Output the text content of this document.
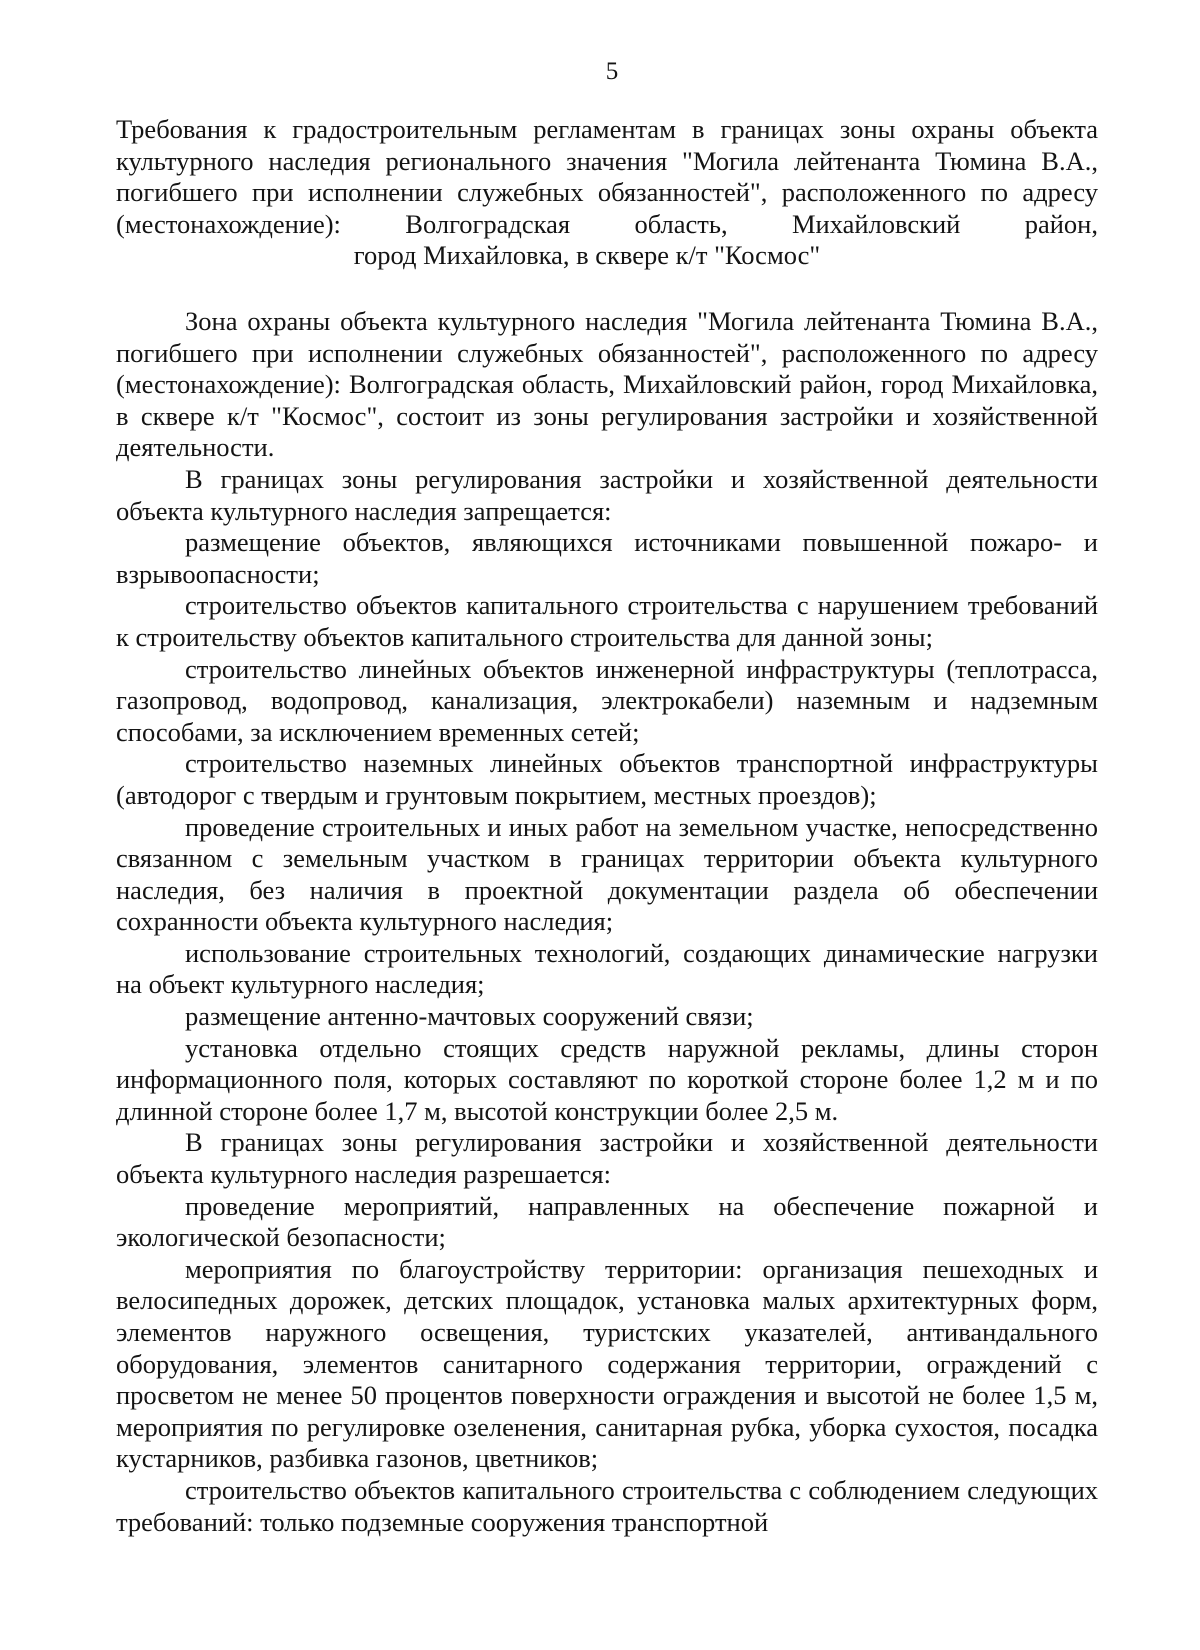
5
Требования к градостроительным регламентам в границах зоны охраны объекта
культурного наследия регионального значения "Могила лейтенанта Тюмина В.А.,
погибшего при исполнении служебных обязанностей", расположенного по адресу
(местонахождение): Волгоградская область, Михайловский район,
город Михайловка, в сквере к/т "Космос"

Зона охраны объекта культурного наследия "Могила лейтенанта Тюмина В.А., погибшего при исполнении служебных обязанностей", расположенного по адресу (местонахождение): Волгоградская область, Михайловский район, город Михайловка, в сквере к/т "Космос", состоит из зоны регулирования застройки и хозяйственной деятельности.

В границах зоны регулирования застройки и хозяйственной деятельности объекта культурного наследия запрещается:

размещение объектов, являющихся источниками повышенной пожаро- и взрывоопасности;

строительство объектов капитального строительства с нарушением требований к строительству объектов капитального строительства для данной зоны;

строительство линейных объектов инженерной инфраструктуры (теплотрасса, газопровод, водопровод, канализация, электрокабели) наземным и надземным способами, за исключением временных сетей;

строительство наземных линейных объектов транспортной инфраструктуры (автодорог с твердым и грунтовым покрытием, местных проездов);

проведение строительных и иных работ на земельном участке, непосредственно связанном с земельным участком в границах территории объекта культурного наследия, без наличия в проектной документации раздела об обеспечении сохранности объекта культурного наследия;

использование строительных технологий, создающих динамические нагрузки на объект культурного наследия;

размещение антенно-мачтовых сооружений связи;

установка отдельно стоящих средств наружной рекламы, длины сторон информационного поля, которых составляют по короткой стороне более 1,2 м и по длинной стороне более 1,7 м, высотой конструкции более 2,5 м.

В границах зоны регулирования застройки и хозяйственной деятельности объекта культурного наследия разрешается:

проведение мероприятий, направленных на обеспечение пожарной и экологической безопасности;

мероприятия по благоустройству территории: организация пешеходных и велосипедных дорожек, детских площадок, установка малых архитектурных форм, элементов наружного освещения, туристских указателей, антивандального оборудования, элементов санитарного содержания территории, ограждений с просветом не менее 50 процентов поверхности ограждения и высотой не более 1,5 м, мероприятия по регулировке озеленения, санитарная рубка, уборка сухостоя, посадка кустарников, разбивка газонов, цветников;

строительство объектов капитального строительства с соблюдением следующих требований: только подземные сооружения транспортной
